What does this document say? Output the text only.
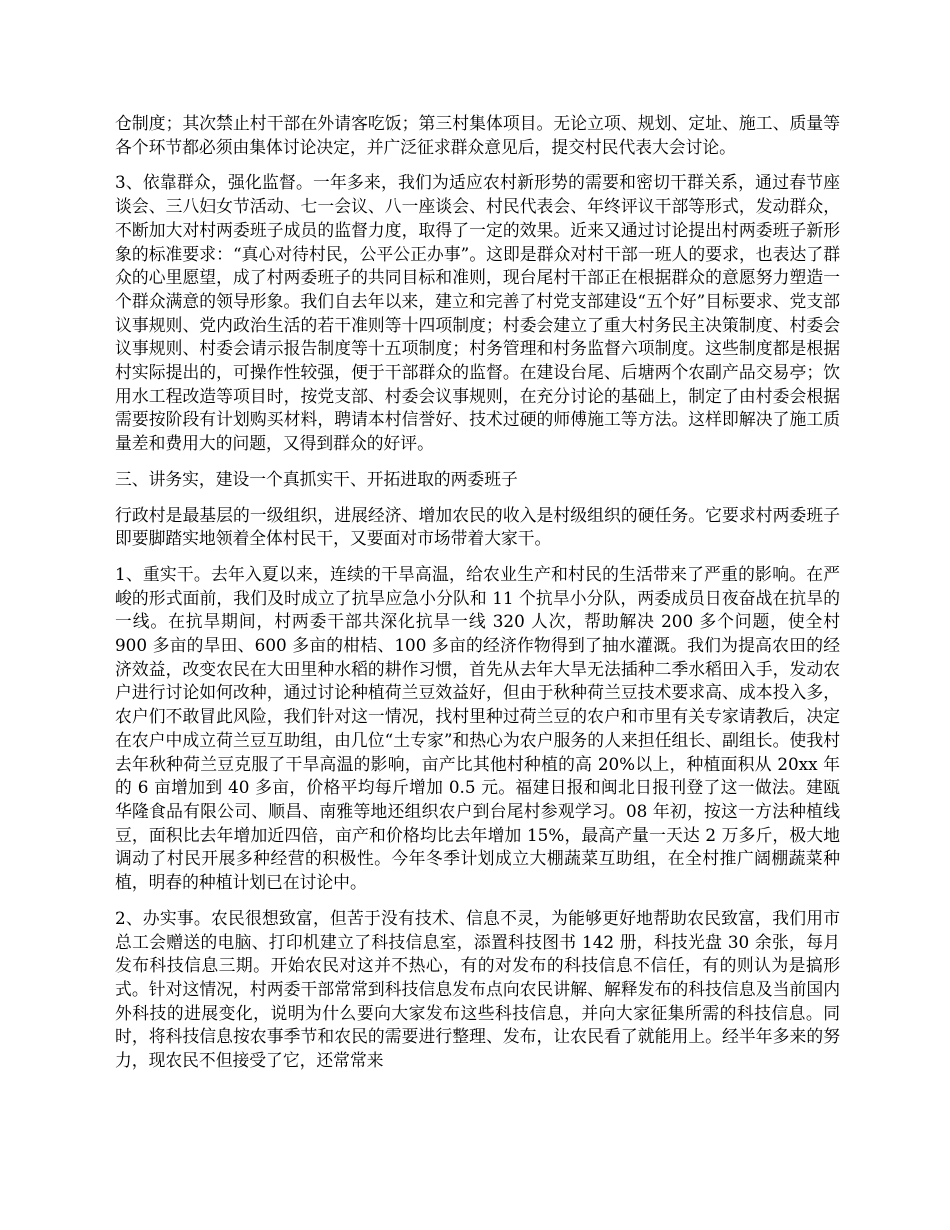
仓制度；其次禁止村干部在外请客吃饭；第三村集体项目。无论立项、规划、定址、施工、质量等各个环节都必须由集体讨论决定，并广泛征求群众意见后，提交村民代表大会讨论。

3、依靠群众，强化监督。一年多来，我们为适应农村新形势的需要和密切干群关系，通过春节座谈会、三八妇女节活动、七一会议、八一座谈会、村民代表会、年终评议干部等形式，发动群众，不断加大对村两委班子成员的监督力度，取得了一定的效果。近来又通过讨论提出村两委班子新形象的标准要求：“真心对待村民，公平公正办事”。这即是群众对村干部一班人的要求，也表达了群众的心里愿望，成了村两委班子的共同目标和准则，现台尾村干部正在根据群众的意愿努力塑造一个群众满意的领导形象。我们自去年以来，建立和完善了村党支部建设“五个好”目标要求、党支部议事规则、党内政治生活的若干准则等十四项制度；村委会建立了重大村务民主决策制度、村委会议事规则、村委会请示报告制度等十五项制度；村务管理和村务监督六项制度。这些制度都是根据村实际提出的，可操作性较强，便于干部群众的监督。在建设台尾、后塘两个农副产品交易亭；饮用水工程改造等项目时，按党支部、村委会议事规则，在充分讨论的基础上，制定了由村委会根据需要按阶段有计划购买材料，聘请本村信誉好、技术过硬的师傅施工等方法。这样即解决了施工质量差和费用大的问题，又得到群众的好评。

三、讲务实，建设一个真抓实干、开拓进取的两委班子

行政村是最基层的一级组织，进展经济、增加农民的收入是村级组织的硬任务。它要求村两委班子即要脚踏实地领着全体村民干，又要面对市场带着大家干。

1、重实干。去年入夏以来，连续的干旱高温，给农业生产和村民的生活带来了严重的影响。在严峻的形式面前，我们及时成立了抗旱应急小分队和 11 个抗旱小分队，两委成员日夜奋战在抗旱的一线。在抗旱期间，村两委干部共深化抗旱一线 320 人次，帮助解决 200 多个问题，使全村 900 多亩的旱田、600 多亩的柑桔、100 多亩的经济作物得到了抽水灌溉。我们为提高农田的经济效益，改变农民在大田里种水稻的耕作习惯，首先从去年大旱无法插种二季水稻田入手，发动农户进行讨论如何改种，通过讨论种植荷兰豆效益好，但由于秋种荷兰豆技术要求高、成本投入多，农户们不敢冒此风险，我们针对这一情况，找村里种过荷兰豆的农户和市里有关专家请教后，决定在农户中成立荷兰豆互助组，由几位“土专家”和热心为农户服务的人来担任组长、副组长。使我村去年秋种荷兰豆克服了干旱高温的影响，亩产比其他村种植的高 20%以上，种植面积从 20xx 年的 6 亩增加到 40 多亩，价格平均每斤增加 0.5 元。福建日报和闽北日报刊登了这一做法。建瓯华隆食品有限公司、顺昌、南雅等地还组织农户到台尾村参观学习。08 年初，按这一方法种植线豆，面积比去年增加近四倍，亩产和价格均比去年增加 15%，最高产量一天达 2 万多斤，极大地调动了村民开展多种经营的积极性。今年冬季计划成立大棚蔬菜互助组，在全村推广阔棚蔬菜种植，明春的种植计划已在讨论中。

2、办实事。农民很想致富，但苦于没有技术、信息不灵，为能够更好地帮助农民致富，我们用市总工会赠送的电脑、打印机建立了科技信息室，添置科技图书 142 册，科技光盘 30 余张，每月发布科技信息三期。开始农民对这并不热心，有的对发布的科技信息不信任，有的则认为是搞形式。针对这情况，村两委干部常常到科技信息发布点向农民讲解、解释发布的科技信息及当前国内外科技的进展变化，说明为什么要向大家发布这些科技信息，并向大家征集所需的科技信息。同时，将科技信息按农事季节和农民的需要进行整理、发布，让农民看了就能用上。经半年多来的努力，现农民不但接受了它，还常常来
